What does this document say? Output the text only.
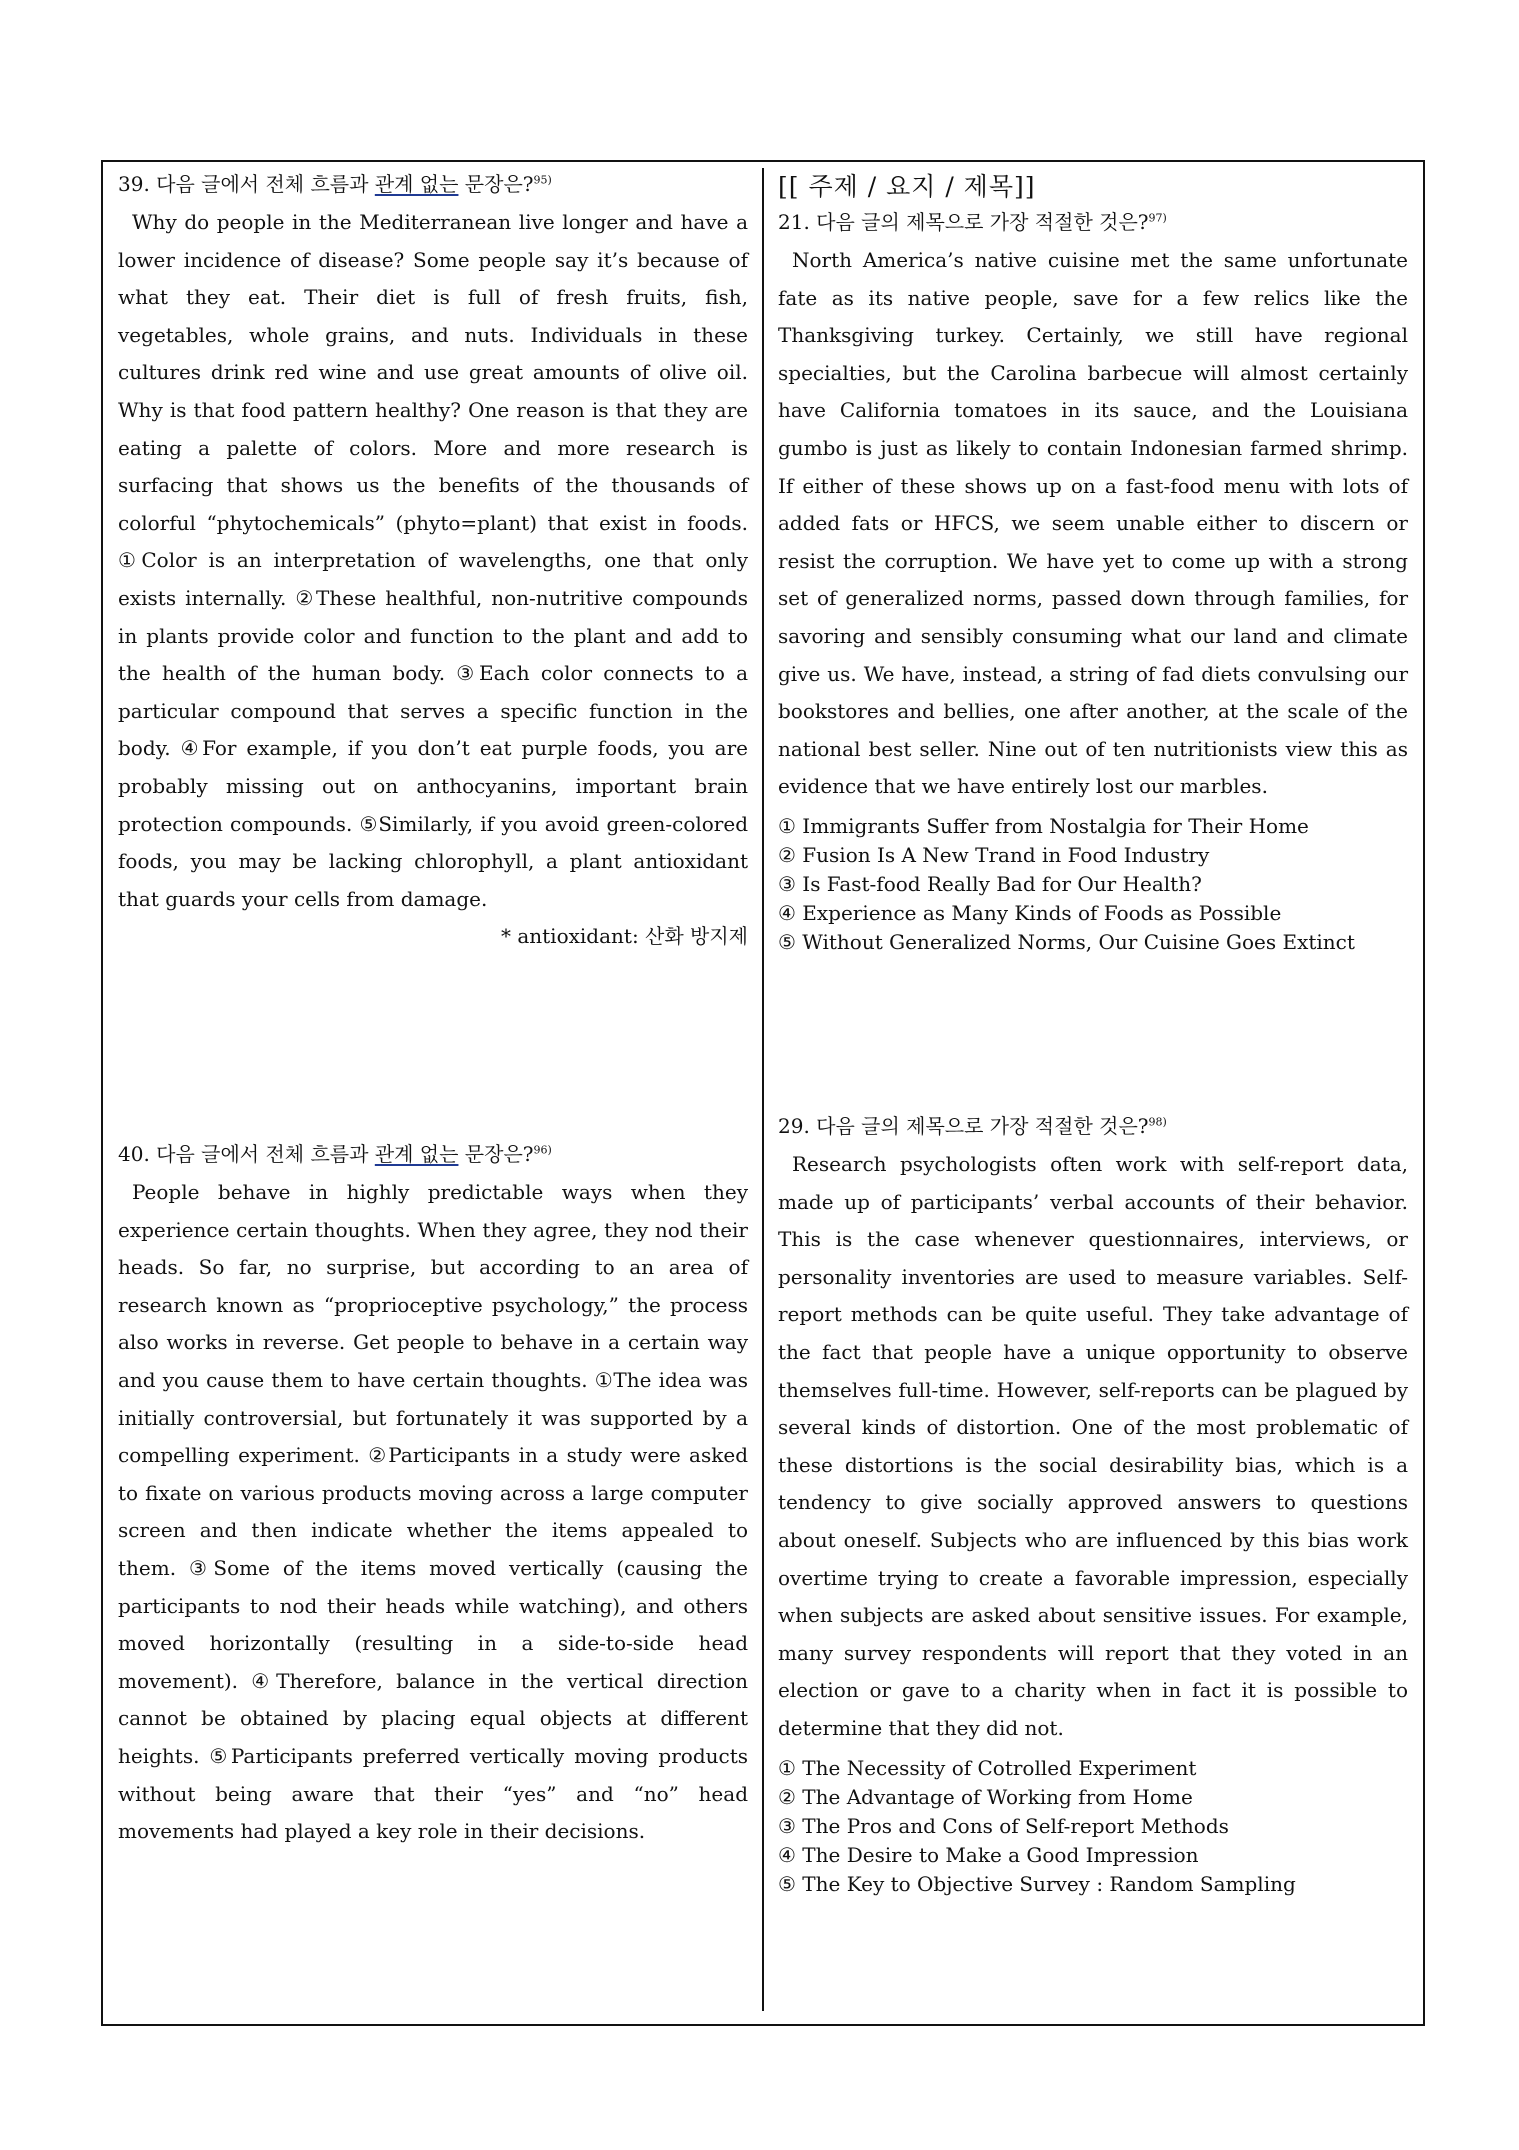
39. 다음 글에서 전체 흐름과 관계 없는 문장은?$^{95)}$

Why do people in the Mediterranean live longer and have a lower incidence of disease? Some people say it’s because of what they eat. Their diet is full of fresh fruits, fish, vegetables, whole grains, and nuts. Individuals in these cultures drink red wine and use great amounts of olive oil. Why is that food pattern healthy? One reason is that they are eating a palette of colors. More and more research is surfacing that shows us the benefits of the thousands of colorful “phytochemicals” (phyto=plant) that exist in foods. ①Color is an interpretation of wavelengths, one that only exists internally. ②These healthful, non-nutritive compounds in plants provide color and function to the plant and add to the health of the human body. ③Each color connects to a particular compound that serves a specific function in the body. ④For example, if you don’t eat purple foods, you are probably missing out on anthocyanins, important brain protection compounds. ⑤Similarly, if you avoid green-colored foods, you may be lacking chlorophyll, a plant antioxidant that guards your cells from damage.

* antioxidant: 산화 방지제

40. 다음 글에서 전체 흐름과 관계 없는 문장은?$^{96)}$

People behave in highly predictable ways when they experience certain thoughts. When they agree, they nod their heads. So far, no surprise, but according to an area of research known as “proprioceptive psychology,” the process also works in reverse. Get people to behave in a certain way and you cause them to have certain thoughts. ①The idea was initially controversial, but fortunately it was supported by a compelling experiment. ②Participants in a study were asked to fixate on various products moving across a large computer screen and then indicate whether the items appealed to them. ③Some of the items moved vertically (causing the participants to nod their heads while watching), and others moved horizontally (resulting in a side-to-side head movement). ④Therefore, balance in the vertical direction cannot be obtained by placing equal objects at different heights. ⑤Participants preferred vertically moving products without being aware that their “yes” and “no” head movements had played a key role in their decisions.

[[ 주제 / 요지 / 제목]]

21. 다음 글의 제목으로 가장 적절한 것은?$^{97)}$

North America’s native cuisine met the same unfortunate fate as its native people, save for a few relics like the Thanksgiving turkey. Certainly, we still have regional specialties, but the Carolina barbecue will almost certainly have California tomatoes in its sauce, and the Louisiana gumbo is just as likely to contain Indonesian farmed shrimp. If either of these shows up on a fast-food menu with lots of added fats or HFCS, we seem unable either to discern or resist the corruption. We have yet to come up with a strong set of generalized norms, passed down through families, for savoring and sensibly consuming what our land and climate give us. We have, instead, a string of fad diets convulsing our bookstores and bellies, one after another, at the scale of the national best seller. Nine out of ten nutritionists view this as evidence that we have entirely lost our marbles.

① Immigrants Suffer from Nostalgia for Their Home
② Fusion Is A New Trand in Food Industry
③ Is Fast-food Really Bad for Our Health?
④ Experience as Many Kinds of Foods as Possible
⑤ Without Generalized Norms, Our Cuisine Goes Extinct

29. 다음 글의 제목으로 가장 적절한 것은?$^{98)}$

Research psychologists often work with self-report data, made up of participants’ verbal accounts of their behavior. This is the case whenever questionnaires, interviews, or personality inventories are used to measure variables. Self-report methods can be quite useful. They take advantage of the fact that people have a unique opportunity to observe themselves full-time. However, self-reports can be plagued by several kinds of distortion. One of the most problematic of these distortions is the social desirability bias, which is a tendency to give socially approved answers to questions about oneself. Subjects who are influenced by this bias work overtime trying to create a favorable impression, especially when subjects are asked about sensitive issues. For example, many survey respondents will report that they voted in an election or gave to a charity when in fact it is possible to determine that they did not.

① The Necessity of Cotrolled Experiment
② The Advantage of Working from Home
③ The Pros and Cons of Self-report Methods
④ The Desire to Make a Good Impression
⑤ The Key to Objective Survey : Random Sampling
